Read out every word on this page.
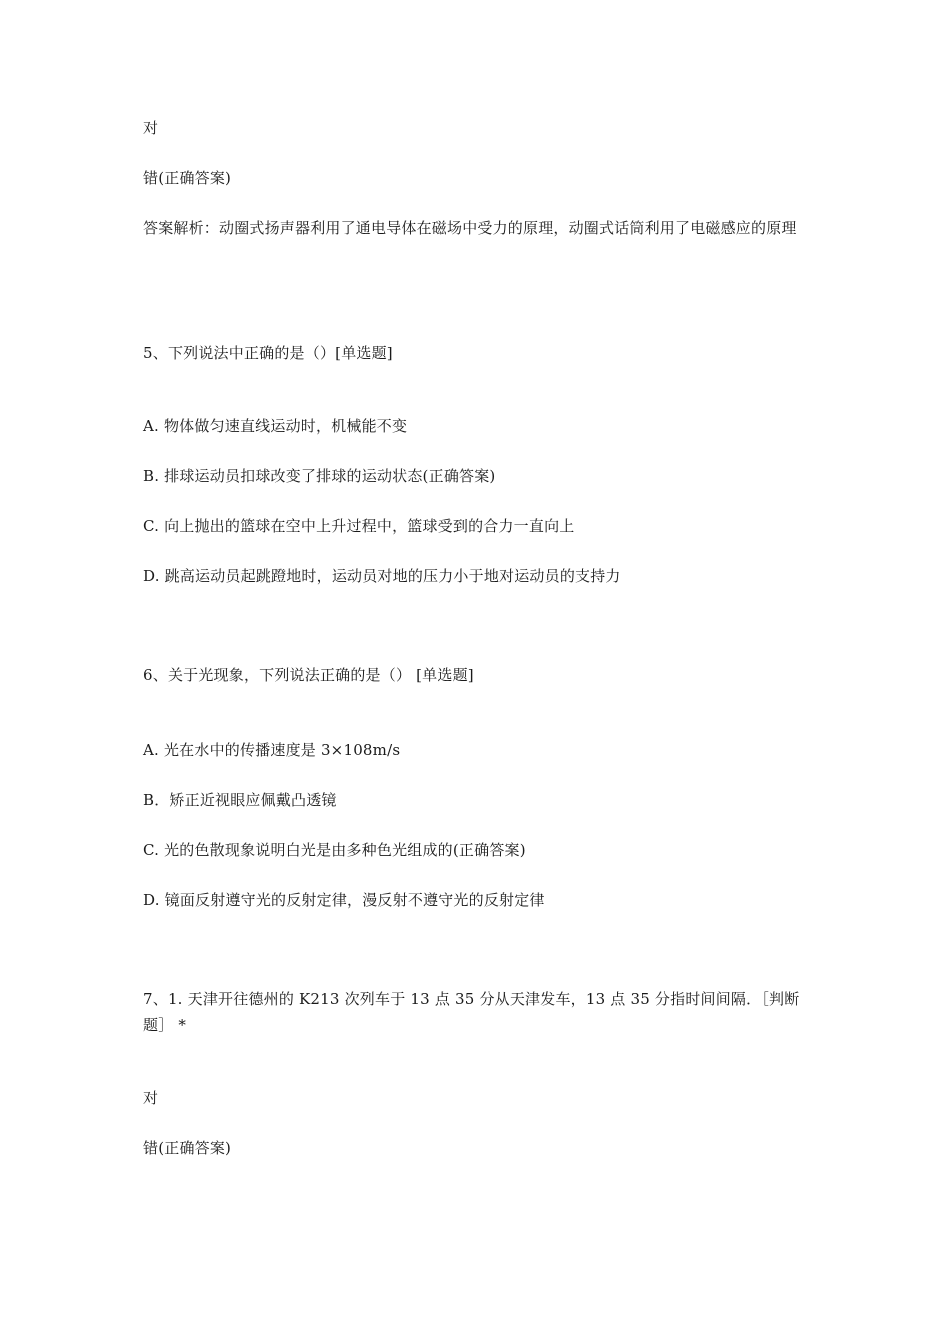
对
错(正确答案)
答案解析：动圈式扬声器利用了通电导体在磁场中受力的原理，动圈式话筒利用了电磁感应的原理
5、下列说法中正确的是（）[单选题]
A. 物体做匀速直线运动时，机械能不变
B. 排球运动员扣球改变了排球的运动状态(正确答案)
C. 向上抛出的篮球在空中上升过程中，篮球受到的合力一直向上
D. 跳高运动员起跳蹬地时，运动员对地的压力小于地对运动员的支持力
6、关于光现象，下列说法正确的是（） [单选题]
A. 光在水中的传播速度是 3×108m/s
B．矫正近视眼应佩戴凸透镜
C. 光的色散现象说明白光是由多种色光组成的(正确答案)
D. 镜面反射遵守光的反射定律，漫反射不遵守光的反射定律
7、1. 天津开往德州的 K213 次列车于 13 点 35 分从天津发车，13 点 35 分指时间间隔．［判断题］ *
对
错(正确答案)
